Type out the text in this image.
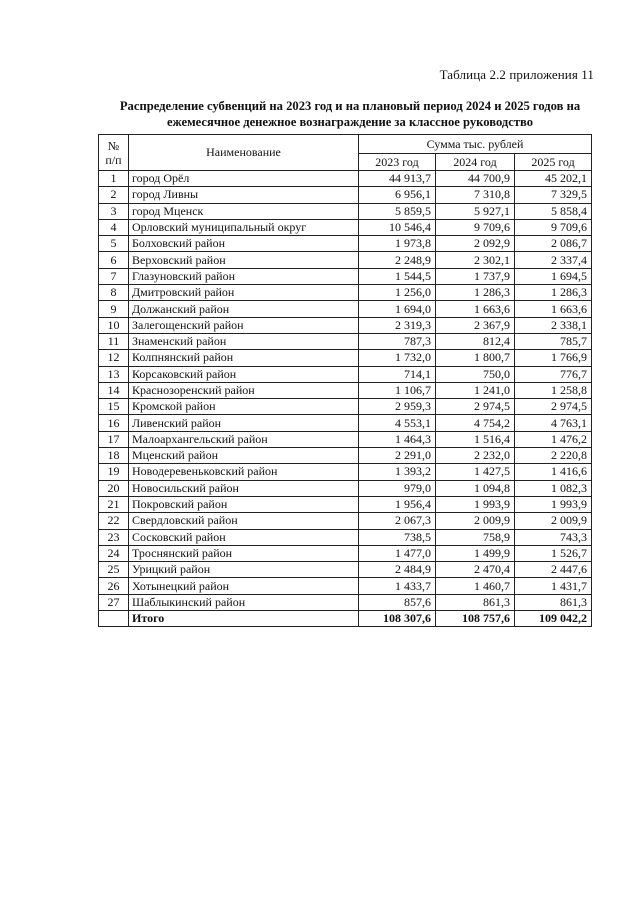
Таблица 2.2 приложения 11
Распределение субвенций на 2023 год и на плановый период 2024 и 2025 годов на
ежемесячное денежное вознаграждение за классное руководство
№ п/п	Наименование	Сумма тыс. рублей		
		2023 год	2024 год	2025 год
1	город Орёл	44 913,7	44 700,9	45 202,1
2	город Ливны	6 956,1	7 310,8	7 329,5
3	город Мценск	5 859,5	5 927,1	5 858,4
4	Орловский муниципальный округ	10 546,4	9 709,6	9 709,6
5	Болховский район	1 973,8	2 092,9	2 086,7
6	Верховский район	2 248,9	2 302,1	2 337,4
7	Глазуновский район	1 544,5	1 737,9	1 694,5
8	Дмитровский район	1 256,0	1 286,3	1 286,3
9	Должанский район	1 694,0	1 663,6	1 663,6
10	Залегощенский район	2 319,3	2 367,9	2 338,1
11	Знаменский район	787,3	812,4	785,7
12	Колпнянский район	1 732,0	1 800,7	1 766,9
13	Корсаковский район	714,1	750,0	776,7
14	Краснозоренский район	1 106,7	1 241,0	1 258,8
15	Кромской район	2 959,3	2 974,5	2 974,5
16	Ливенский район	4 553,1	4 754,2	4 763,1
17	Малоархангельский район	1 464,3	1 516,4	1 476,2
18	Мценский район	2 291,0	2 232,0	2 220,8
19	Новодеревеньковский район	1 393,2	1 427,5	1 416,6
20	Новосильский район	979,0	1 094,8	1 082,3
21	Покровский район	1 956,4	1 993,9	1 993,9
22	Свердловский район	2 067,3	2 009,9	2 009,9
23	Сосковский район	738,5	758,9	743,3
24	Троснянский район	1 477,0	1 499,9	1 526,7
25	Урицкий район	2 484,9	2 470,4	2 447,6
26	Хотынецкий район	1 433,7	1 460,7	1 431,7
27	Шаблыкинский район	857,6	861,3	861,3
	Итого	108 307,6	108 757,6	109 042,2
